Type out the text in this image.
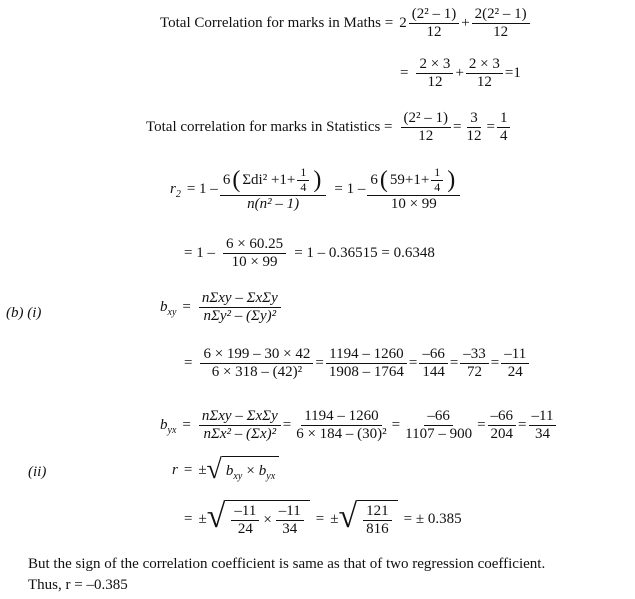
Total Correlation for marks in Maths = $2 \frac{\text{(2² – 1)}}{12} + \frac{\text{2(2² – 1)}}{12}$
= $\frac{2 \times 3}{12} + \frac{2 \times 3}{12} =1$
Total correlation for marks in Statistics = $\frac{\text{(2² – 1)}}{12} = \frac{3}{12} = \frac{1}{4}$
r 2 = 1 –
6 ( $\Sigma di^2 +1+ \frac{1}{4}$ )
n(n² – 1)
= 1 –
6 ( $59+1+ \frac{1}{4}$ )
10 × 99
= $1 - \frac{6 \times 60.25}{10 \times 99} = 1 - 0.36515 = 0.6348$
(b) (i)	b xy = $\frac{\text{nΣxy – ΣxΣy}}{\text{nΣy² – (Σy)²}}$
= $\frac{6 \times 199 - 30 \times 42}{\text{6 × 318 – (42)²}} = \frac{1194 - 1260}{1908 - 1764} = \frac{-66}{144} = \frac{-33}{72} = \frac{-11}{24}$
b yx = $\frac{\text{nΣxy – ΣxΣy}}{\text{nΣx² – (Σx)²}} = \frac{1194 - 1260}{\text{6 × 184 – (30)²}} = \frac{-66}{1107 - 900} = \frac{-66}{204} = \frac{-11}{34}$
(ii)	r = ± √ b xy × b yx
= ± √ $\frac{-11}{24} \times \frac{-11}{34}$ = ± √ $\frac{121}{816}$ = ± 0.385
But the sign of the correlation coefficient is same as that of two regression coefficient.
Thus, r = –0.385
